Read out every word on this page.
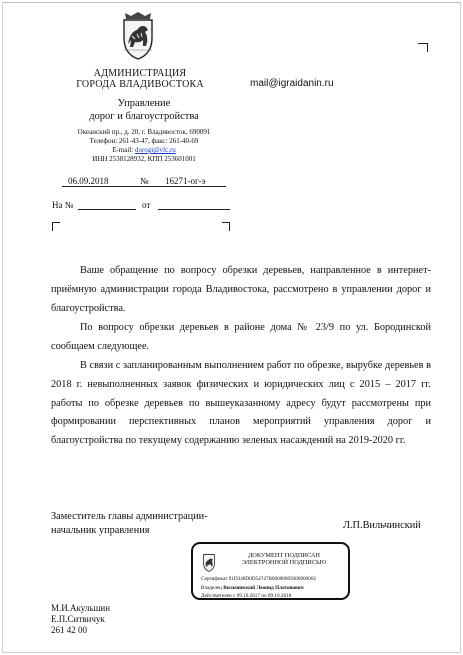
АДМИНИСТРАЦИЯ
ГОРОДА ВЛАДИВОСТОКА
Управление
дорог и благоустройства
Океанский пр., д. 20, г. Владивосток, 690091
Телефон: 261-43-47, факс: 261-40-69
E-mail: dorogi@vlc.ru
ИНН 2538128932, КПП 253601001
mail@igraidanin.ru
06.09.2018	№ 16271-ог-э
На №	от
Ваше обращение по вопросу обрезки деревьев, направленное в интернет-приёмную администрации города Владивостока, рассмотрено в управлении дорог и благоустройства.
По вопросу обрезки деревьев в районе дома № 23/9 по ул. Бородинской сообщаем следующее.
В связи с запланированным выполнением работ по обрезке, вырубке деревьев в 2018 г. невыполненных заявок физических и юридических лиц с 2015 – 2017 гг. работы по обрезке деревьев по вышеуказанному адресу будут рассмотрены при формировании перспективных планов мероприятий управления дорог и благоустройства по текущему содержанию зеленых насаждений на 2019-2020 гг.
Заместитель главы администрации-
начальник управления	Л.П.Вильчинский
ДОКУМЕНТ ПОДПИСАН
ЭЛЕКТРОННОЙ ПОДПИСЬЮ
Сертификат 01D348D0D54747B00000009300000002
Владелец Вильчинский Леонид Платонович
Действителен с 09.10.2017 по 09.10.2018
М.И.Акульшин
Е.П.Ситвичук
261 42 00
